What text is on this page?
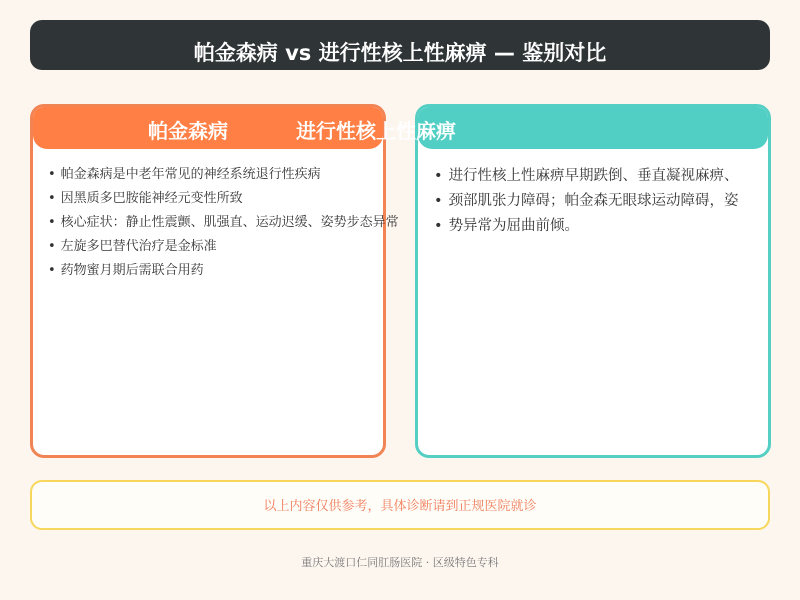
帕金森病 vs 进行性核上性麻痹 — 鉴别对比
帕金森病	进行性核上性麻痹
• 帕金森病是中老年常见的神经系统退行性疾病
• 因黑质多巴胺能神经元变性所致
• 核心症状：静止性震颤、肌强直、运动迟缓、姿势步态异常
• 左旋多巴替代治疗是金标准
• 药物蜜月期后需联合用药
• 进行性核上性麻痹早期跌倒、垂直凝视麻痹、
• 颈部肌张力障碍；帕金森无眼球运动障碍，姿
• 势异常为屈曲前倾。
以上内容仅供参考，具体诊断请到正规医院就诊
重庆大渡口仁同肛肠医院 · 区级特色专科
